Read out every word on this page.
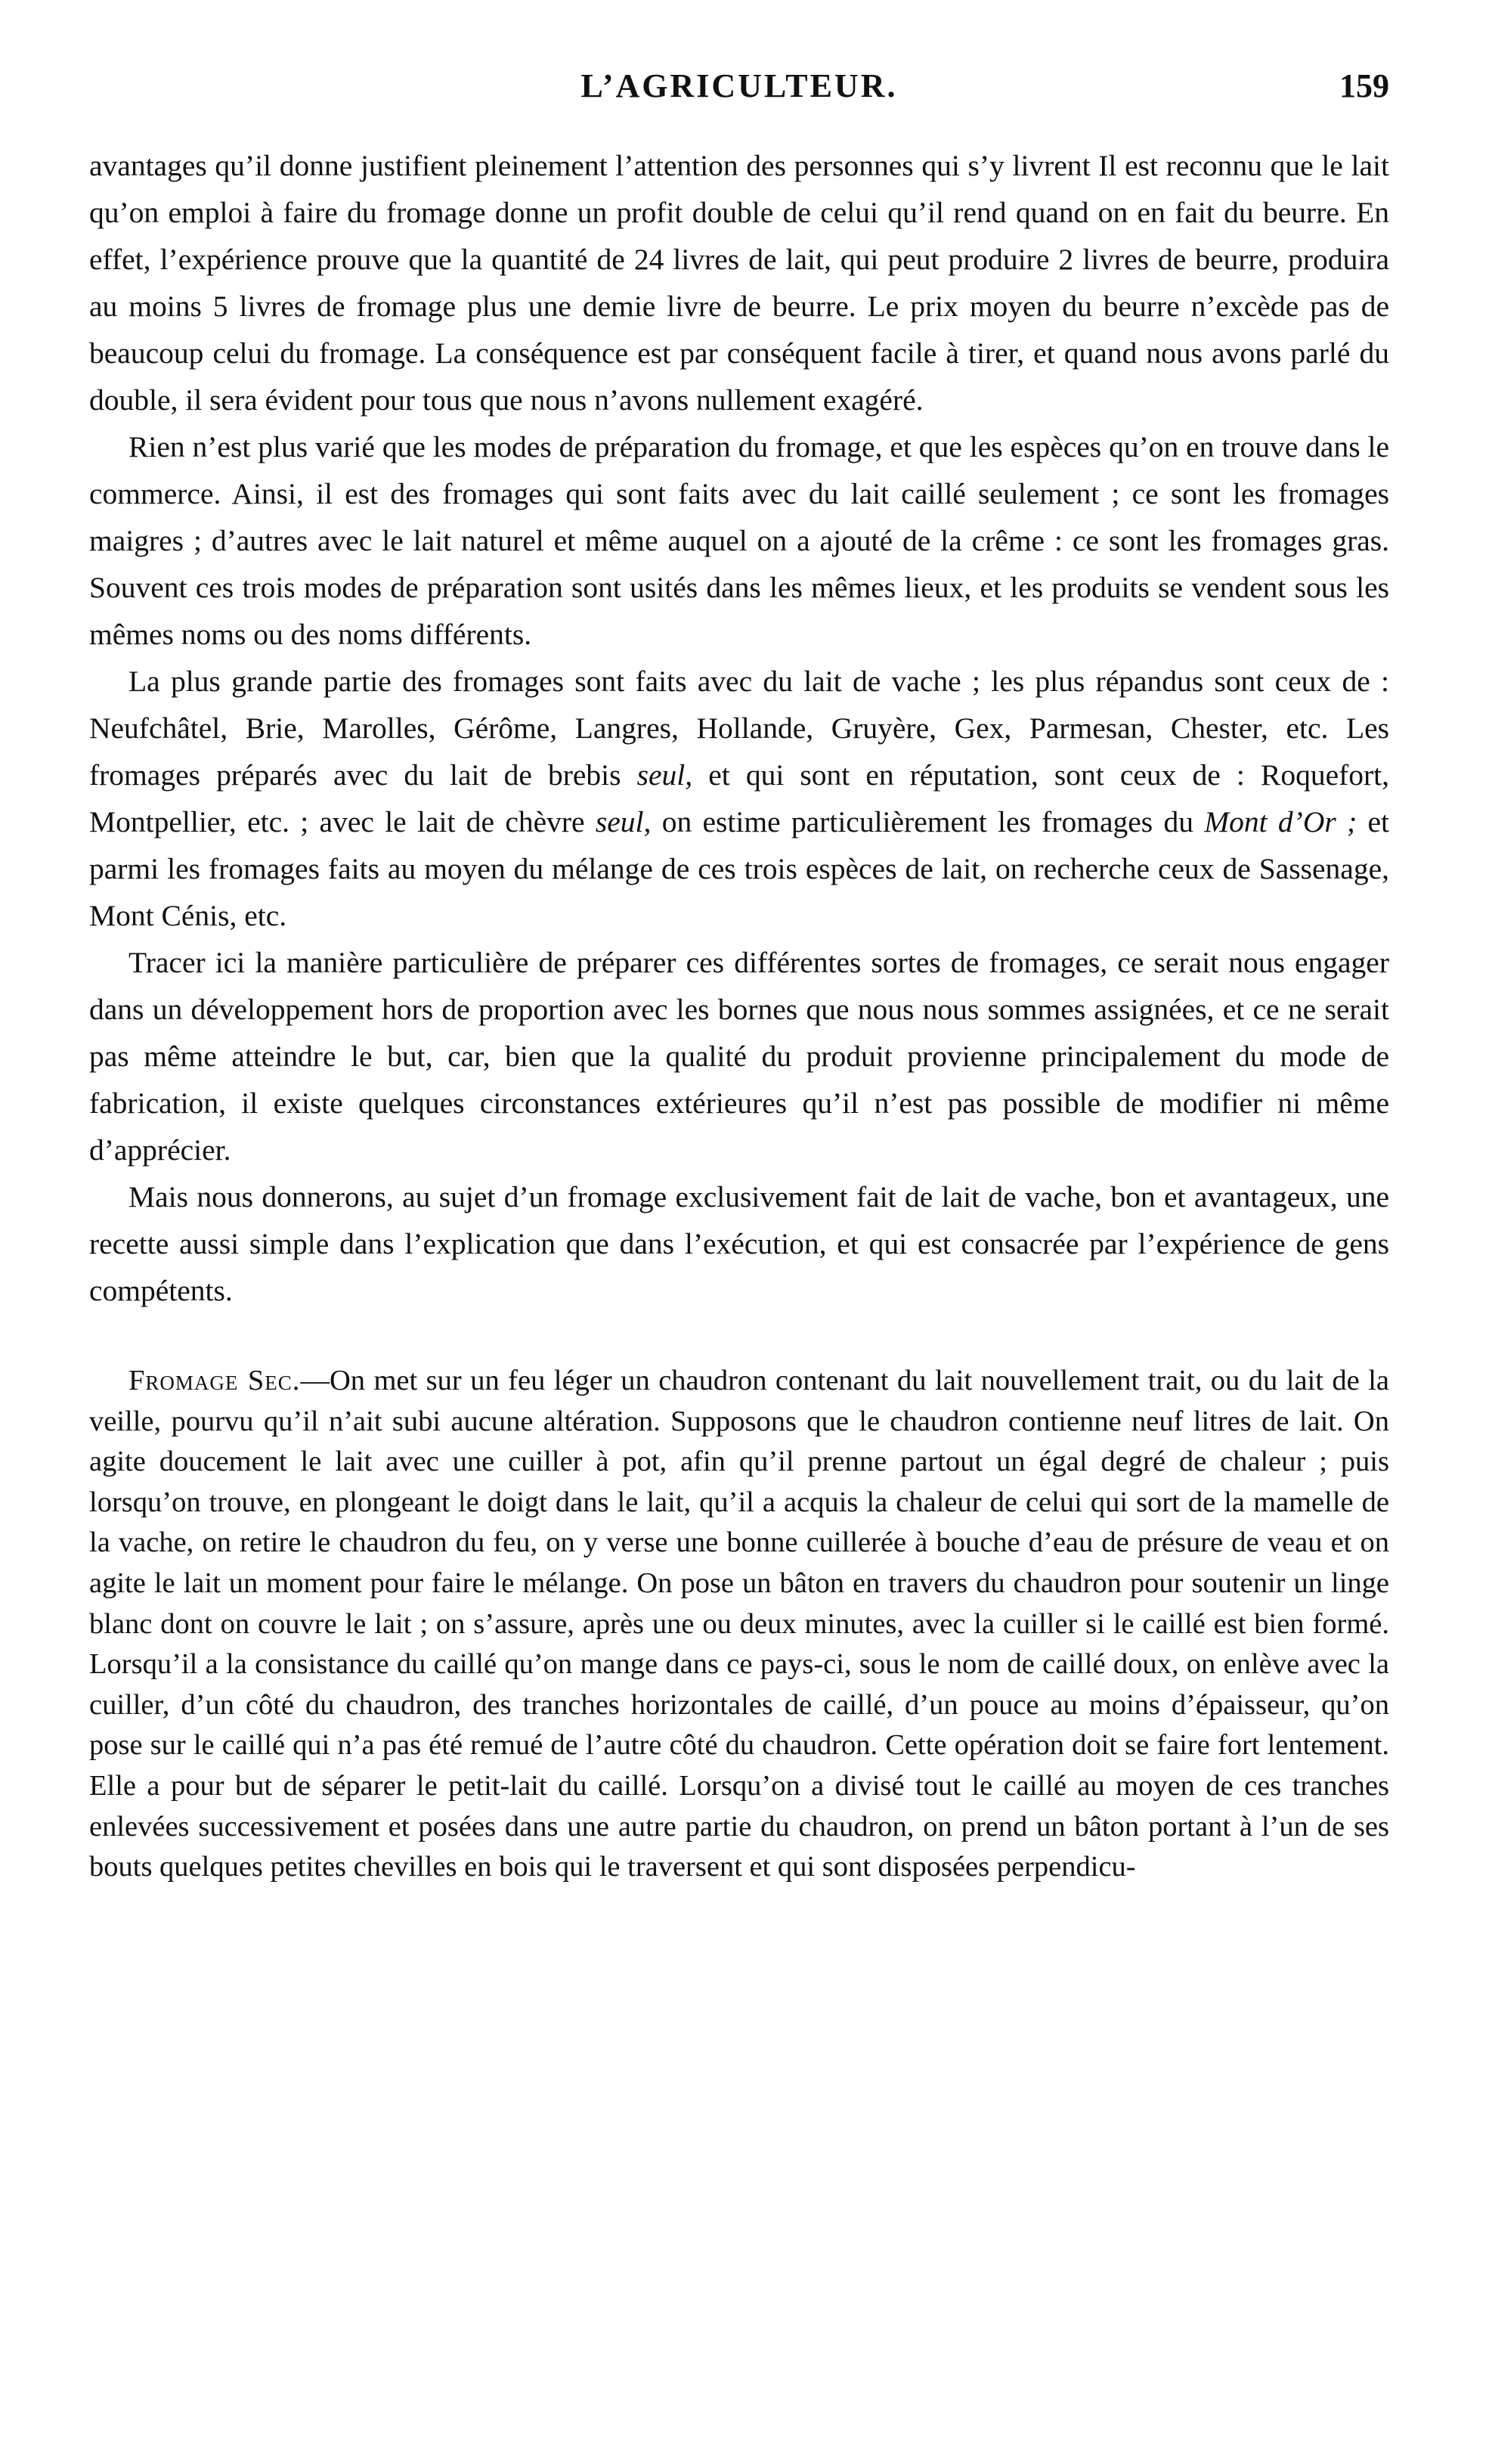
L’AGRICULTEUR.	159

avantages qu’il donne justifient pleinement l’attention des personnes qui s’y livrent Il est reconnu que le lait qu’on emploi à faire du fromage donne un profit double de celui qu’il rend quand on en fait du beurre. En effet, l’expérience prouve que la quantité de 24 livres de lait, qui peut produire 2 livres de beurre, produira au moins 5 livres de fromage plus une demie livre de beurre. Le prix moyen du beurre n’excède pas de beaucoup celui du fromage. La conséquence est par conséquent facile à tirer, et quand nous avons parlé du double, il sera évident pour tous que nous n’avons nullement exagéré.

Rien n’est plus varié que les modes de préparation du fromage, et que les espèces qu’on en trouve dans le commerce. Ainsi, il est des fromages qui sont faits avec du lait caillé seulement ; ce sont les fromages maigres ; d’autres avec le lait naturel et même auquel on a ajouté de la crême : ce sont les fromages gras. Souvent ces trois modes de préparation sont usités dans les mêmes lieux, et les produits se vendent sous les mêmes noms ou des noms différents.

La plus grande partie des fromages sont faits avec du lait de vache ; les plus répandus sont ceux de : Neufchâtel, Brie, Marolles, Gérôme, Langres, Hollande, Gruyère, Gex, Parmesan, Chester, etc. Les fromages préparés avec du lait de brebis seul, et qui sont en réputation, sont ceux de : Roquefort, Montpellier, etc. ; avec le lait de chèvre seul, on estime particulièrement les fromages du Mont d’Or ; et parmi les fromages faits au moyen du mélange de ces trois espèces de lait, on recherche ceux de Sassenage, Mont Cénis, etc.

Tracer ici la manière particulière de préparer ces différentes sortes de fromages, ce serait nous engager dans un développement hors de proportion avec les bornes que nous nous sommes assignées, et ce ne serait pas même atteindre le but, car, bien que la qualité du produit provienne principalement du mode de fabrication, il existe quelques circonstances extérieures qu’il n’est pas possible de modifier ni même d’apprécier.

Mais nous donnerons, au sujet d’un fromage exclusivement fait de lait de vache, bon et avantageux, une recette aussi simple dans l’explication que dans l’exécution, et qui est consacrée par l’expérience de gens compétents.

Fromage Sec.—On met sur un feu léger un chaudron contenant du lait nouvellement trait, ou du lait de la veille, pourvu qu’il n’ait subi aucune altération. Supposons que le chaudron contienne neuf litres de lait. On agite doucement le lait avec une cuiller à pot, afin qu’il prenne partout un égal degré de chaleur ; puis lorsqu’on trouve, en plongeant le doigt dans le lait, qu’il a acquis la chaleur de celui qui sort de la mamelle de la vache, on retire le chaudron du feu, on y verse une bonne cuillerée à bouche d’eau de présure de veau et on agite le lait un moment pour faire le mélange. On pose un bâton en travers du chaudron pour soutenir un linge blanc dont on couvre le lait ; on s’assure, après une ou deux minutes, avec la cuiller si le caillé est bien formé. Lorsqu’il a la consistance du caillé qu’on mange dans ce pays-ci, sous le nom de caillé doux, on enlève avec la cuiller, d’un côté du chaudron, des tranches horizontales de caillé, d’un pouce au moins d’épaisseur, qu’on pose sur le caillé qui n’a pas été remué de l’autre côté du chaudron. Cette opération doit se faire fort lentement. Elle a pour but de séparer le petit-lait du caillé. Lorsqu’on a divisé tout le caillé au moyen de ces tranches enlevées successivement et posées dans une autre partie du chaudron, on prend un bâton portant à l’un de ses bouts quelques petites chevilles en bois qui le traversent et qui sont disposées perpendicu-
